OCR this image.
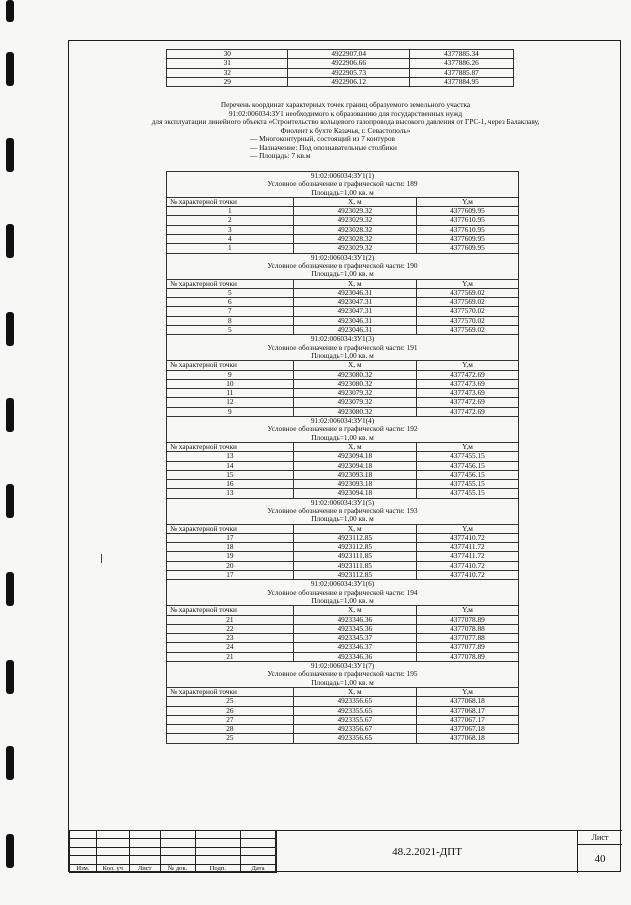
30	4922907.04	4377885.34
31	4922906.66	4377886.26
32	4922905.73	4377885.87
29	4922906.12	4377884.95
Перечень координат характерных точек границ образуемого земельного участка
91:02:006034:ЗУ1 необходимого к образованию для государственных нужд
для эксплуатации линейного объекта «Строительство кольцевого газопровода высокого давления от ГРС-1, через Балаклаву,
Фиолент к бухте Казачья, г. Севастополь»
— Многоконтурный, состоящий из 7 контуров
— Назначение: Под опознавательные столбики
— Площадь: 7 кв.м
91:02:006034:ЗУ1(1)		
Условное обозначение в графической части: 189		
Площадь=1,00 кв. м		
№ характерной точки	X, м	Y,м
1	4923029.32	4377609.95
2	4923029.32	4377610.95
3	4923028.32	4377610.95
4	4923028.32	4377609.95
1	4923029.32	4377609.95
91:02:006034:ЗУ1(2)		
Условное обозначение в графической части: 190		
Площадь=1,00 кв. м		
№ характерной точки	X, м	Y,м
5	4923046.31	4377569.02
6	4923047.31	4377569.02
7	4923047.31	4377570.02
8	4923046.31	4377570.02
5	4923046.31	4377569.02
91:02:006034:ЗУ1(3)		
Условное обозначение в графической части: 191		
Площадь=1,00 кв. м		
№ характерной точки	X, м	Y,м
9	4923080.32	4377472.69
10	4923080.32	4377473.69
11	4923079.32	4377473.69
12	4923079.32	4377472.69
9	4923080.32	4377472.69
91:02:006034:ЗУ1(4)		
Условное обозначение в графической части: 192		
Площадь=1,00 кв. м		
№ характерной точки	X, м	Y,м
13	4923094.18	4377455.15
14	4923094.18	4377456.15
15	4923093.18	4377456.15
16	4923093.18	4377455.15
13	4923094.18	4377455.15
91:02:006034:ЗУ1(5)		
Условное обозначение в графической части: 193		
Площадь=1,00 кв. м		
№ характерной точки	X, м	Y,м
17	4923112.85	4377410.72
18	4923112.85	4377411.72
19	4923111.85	4377411.72
20	4923111.85	4377410.72
17	4923112.85	4377410.72
91:02:006034:ЗУ1(6)		
Условное обозначение в графической части: 194		
Площадь=1,00 кв. м		
№ характерной точки	X, м	Y,м
21	4923346.36	4377078.89
22	4923345.36	4377078.88
23	4923345.37	4377077.88
24	4923346.37	4377077.89
21	4923346.36	4377078.89
91:02:006034:ЗУ1(7)		
Условное обозначение в графической части: 195		
Площадь=1,00 кв. м		
№ характерной точки	X, м	Y,м
25	4923356.65	4377068.18
26	4923355.65	4377068.17
27	4923355.67	4377067.17
28	4923356.67	4377067.18
25	4923356.65	4377068.18

Изм.	Кол. уч	Лист	№ док.	Подп.	Дата
48.2.2021-ДПТ
Лист
40
